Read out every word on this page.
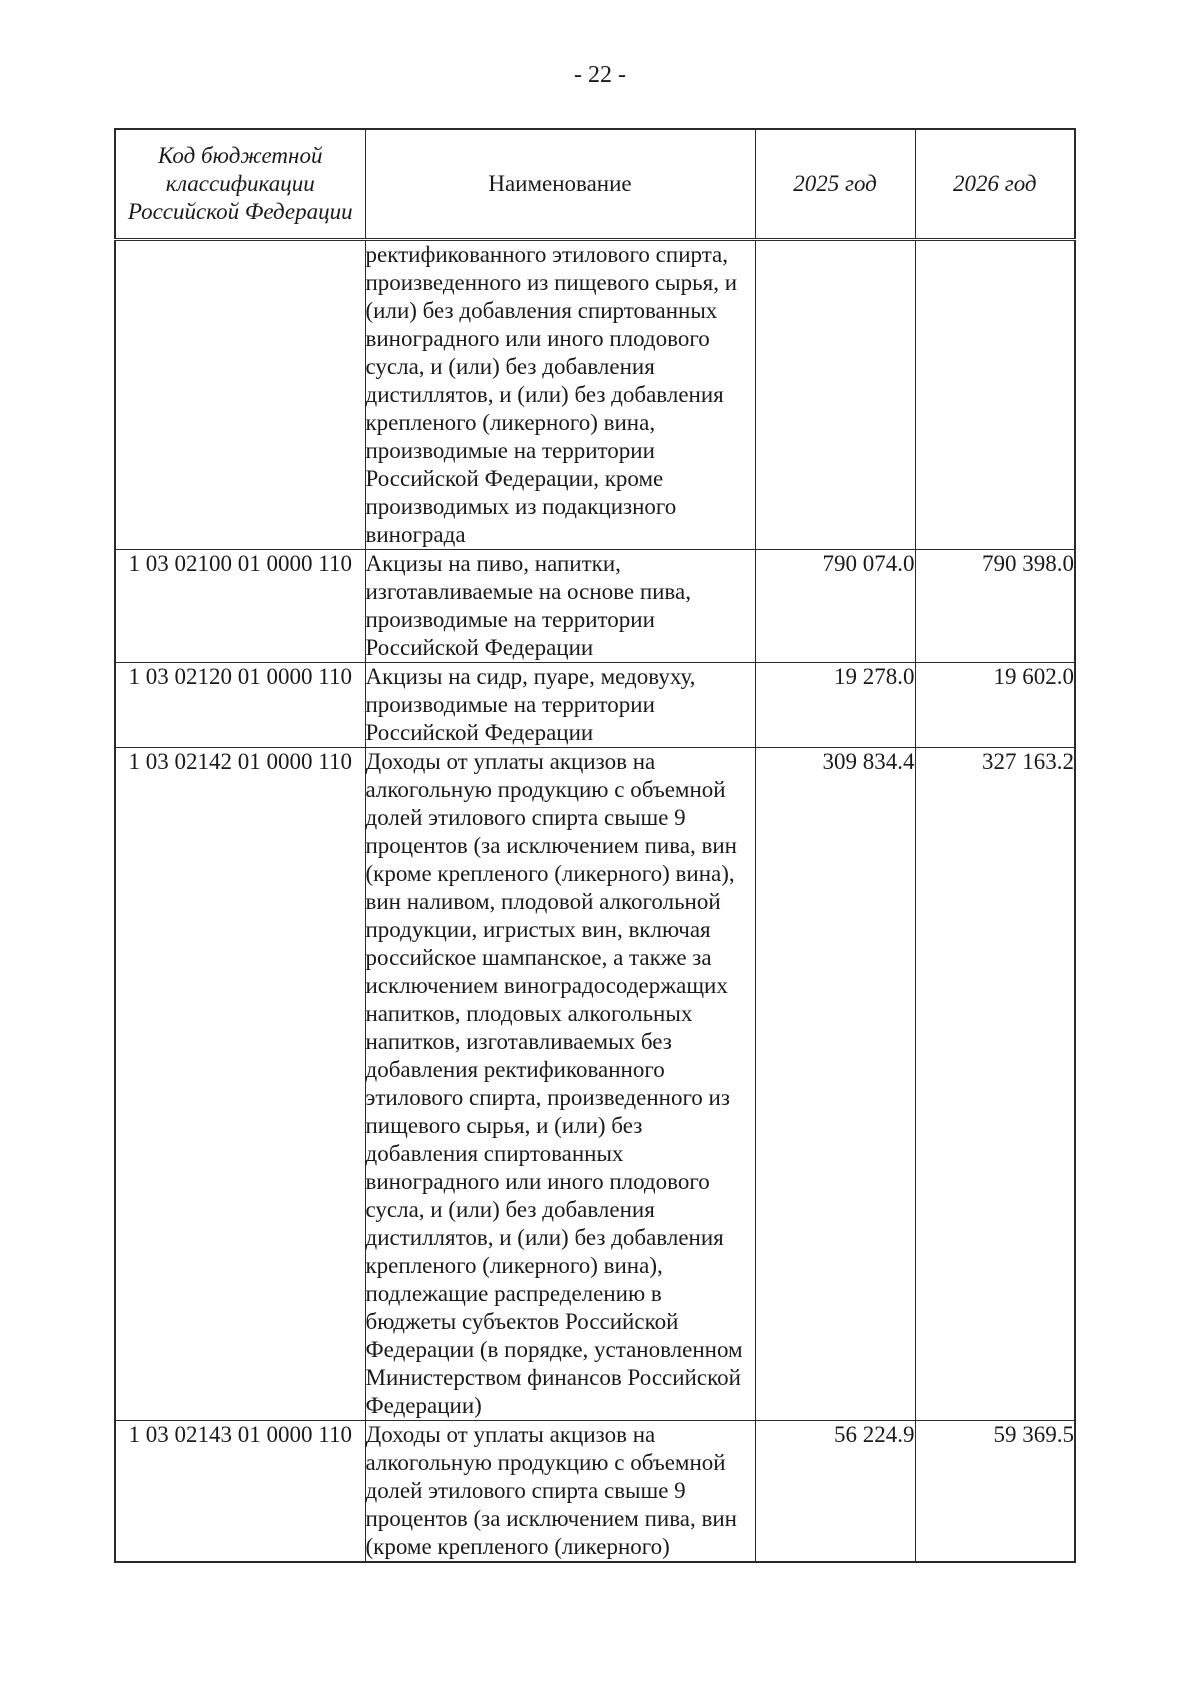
- 22 -
Код бюджетной классификации Российской Федерации	Наименование	2025 год	2026 год
	ректификованного этилового спирта, произведенного из пищевого сырья, и (или) без добавления спиртованных виноградного или иного плодового сусла, и (или) без добавления дистиллятов, и (или) без добавления крепленого (ликерного) вина, производимые на территории Российской Федерации, кроме производимых из подакцизного винограда		
1 03 02100 01 0000 110	Акцизы на пиво, напитки, изготавливаемые на основе пива, производимые на территории Российской Федерации	790 074.0	790 398.0
1 03 02120 01 0000 110	Акцизы на сидр, пуаре, медовуху, производимые на территории Российской Федерации	19 278.0	19 602.0
1 03 02142 01 0000 110	Доходы от уплаты акцизов на алкогольную продукцию с объемной долей этилового спирта свыше 9 процентов (за исключением пива, вин (кроме крепленого (ликерного) вина), вин наливом, плодовой алкогольной продукции, игристых вин, включая российское шампанское, а также за исключением виноградосодержащих напитков, плодовых алкогольных напитков, изготавливаемых без добавления ректификованного этилового спирта, произведенного из пищевого сырья, и (или) без добавления спиртованных виноградного или иного плодового сусла, и (или) без добавления дистиллятов, и (или) без добавления крепленого (ликерного) вина), подлежащие распределению в бюджеты субъектов Российской Федерации (в порядке, установленном Министерством финансов Российской Федерации)	309 834.4	327 163.2
1 03 02143 01 0000 110	Доходы от уплаты акцизов на алкогольную продукцию с объемной долей этилового спирта свыше 9 процентов (за исключением пива, вин (кроме крепленого (ликерного)	56 224.9	59 369.5
